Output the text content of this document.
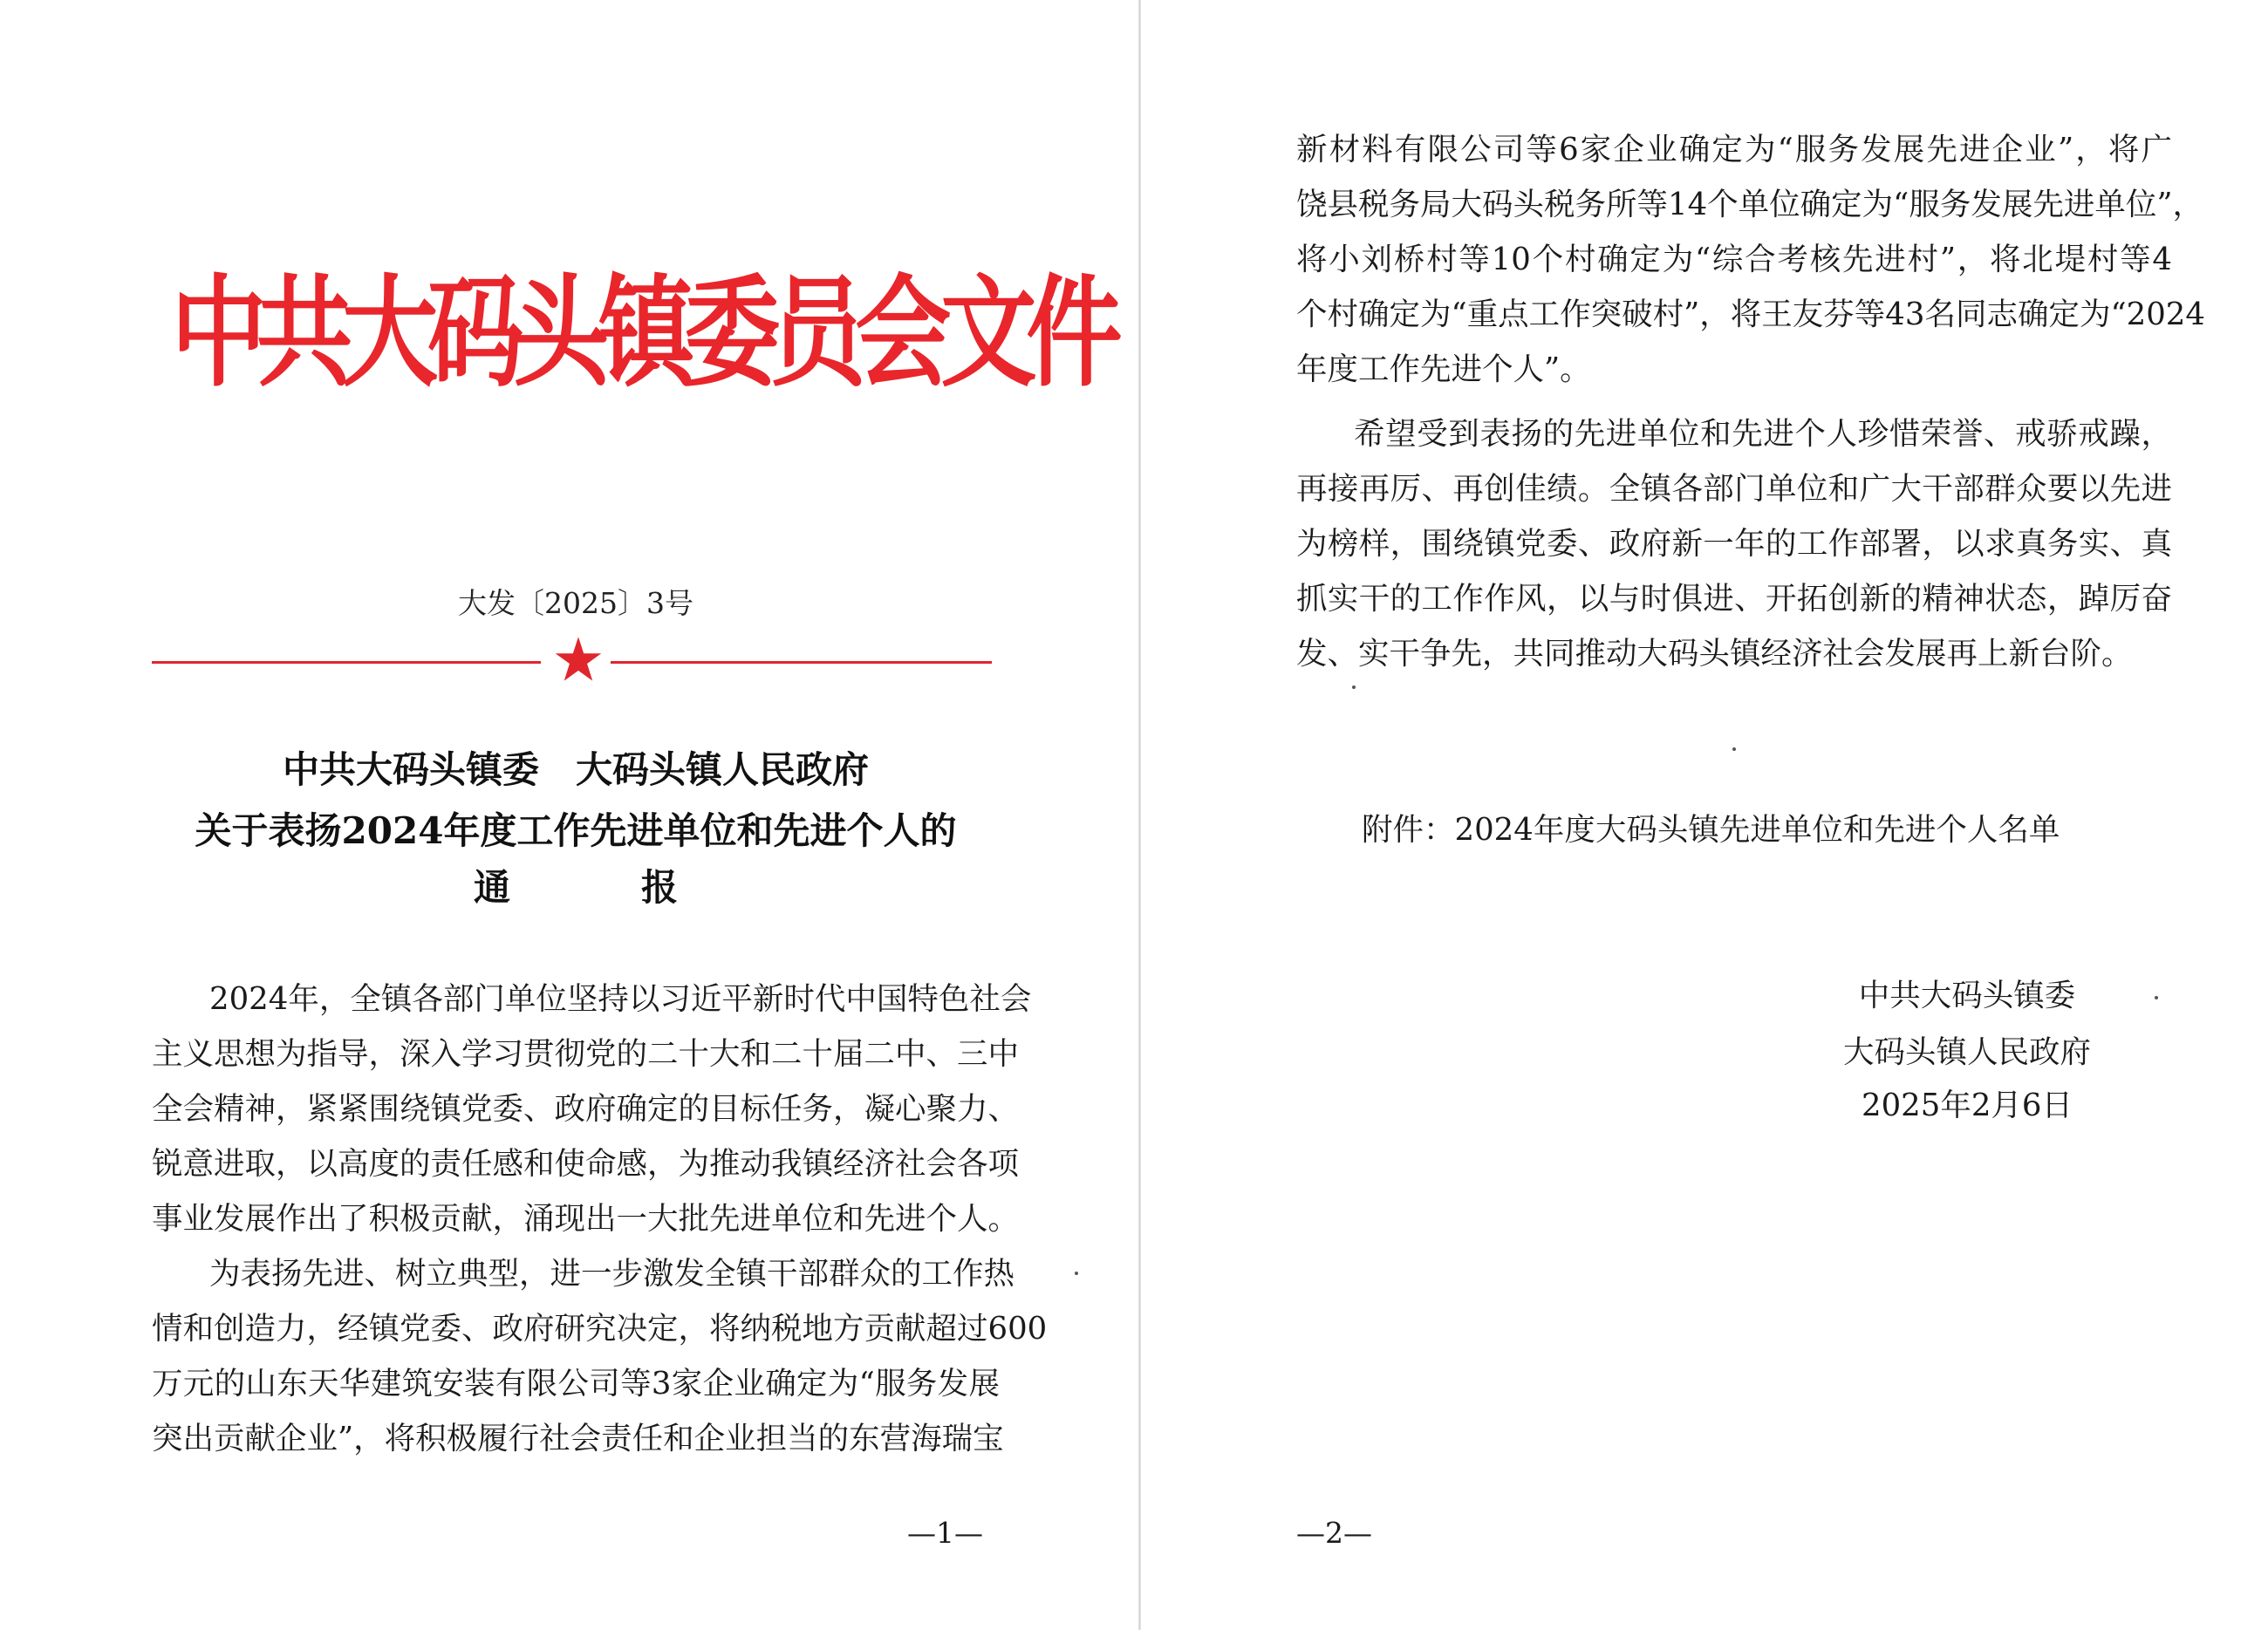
中共大码头镇委员会文件
大发〔2025〕3号
中共大码头镇委　大码头镇人民政府
关于表扬2024年度工作先进单位和先进个人的
通	报
2024年，全镇各部门单位坚持以习近平新时代中国特色社会
主义思想为指导，深入学习贯彻党的二十大和二十届二中、三中
全会精神，紧紧围绕镇党委、政府确定的目标任务，凝心聚力、
锐意进取，以高度的责任感和使命感，为推动我镇经济社会各项
事业发展作出了积极贡献，涌现出一大批先进单位和先进个人。
为表扬先进、树立典型，进一步激发全镇干部群众的工作热
情和创造力，经镇党委、政府研究决定，将纳税地方贡献超过600
万元的山东天华建筑安装有限公司等3家企业确定为“服务发展
突出贡献企业”，将积极履行社会责任和企业担当的东营海瑞宝
—1—
新材料有限公司等6家企业确定为“服务发展先进企业”，将广
饶县税务局大码头税务所等14个单位确定为“服务发展先进单位”，
将小刘桥村等10个村确定为“综合考核先进村”，将北堤村等4
个村确定为“重点工作突破村”，将王友芬等43名同志确定为“2024
年度工作先进个人”。
希望受到表扬的先进单位和先进个人珍惜荣誉、戒骄戒躁，
再接再厉、再创佳绩。全镇各部门单位和广大干部群众要以先进
为榜样，围绕镇党委、政府新一年的工作部署，以求真务实、真
抓实干的工作作风，以与时俱进、开拓创新的精神状态，踔厉奋
发、实干争先，共同推动大码头镇经济社会发展再上新台阶。
附件：2024年度大码头镇先进单位和先进个人名单
中共大码头镇委
大码头镇人民政府
2025年2月6日
—2—
